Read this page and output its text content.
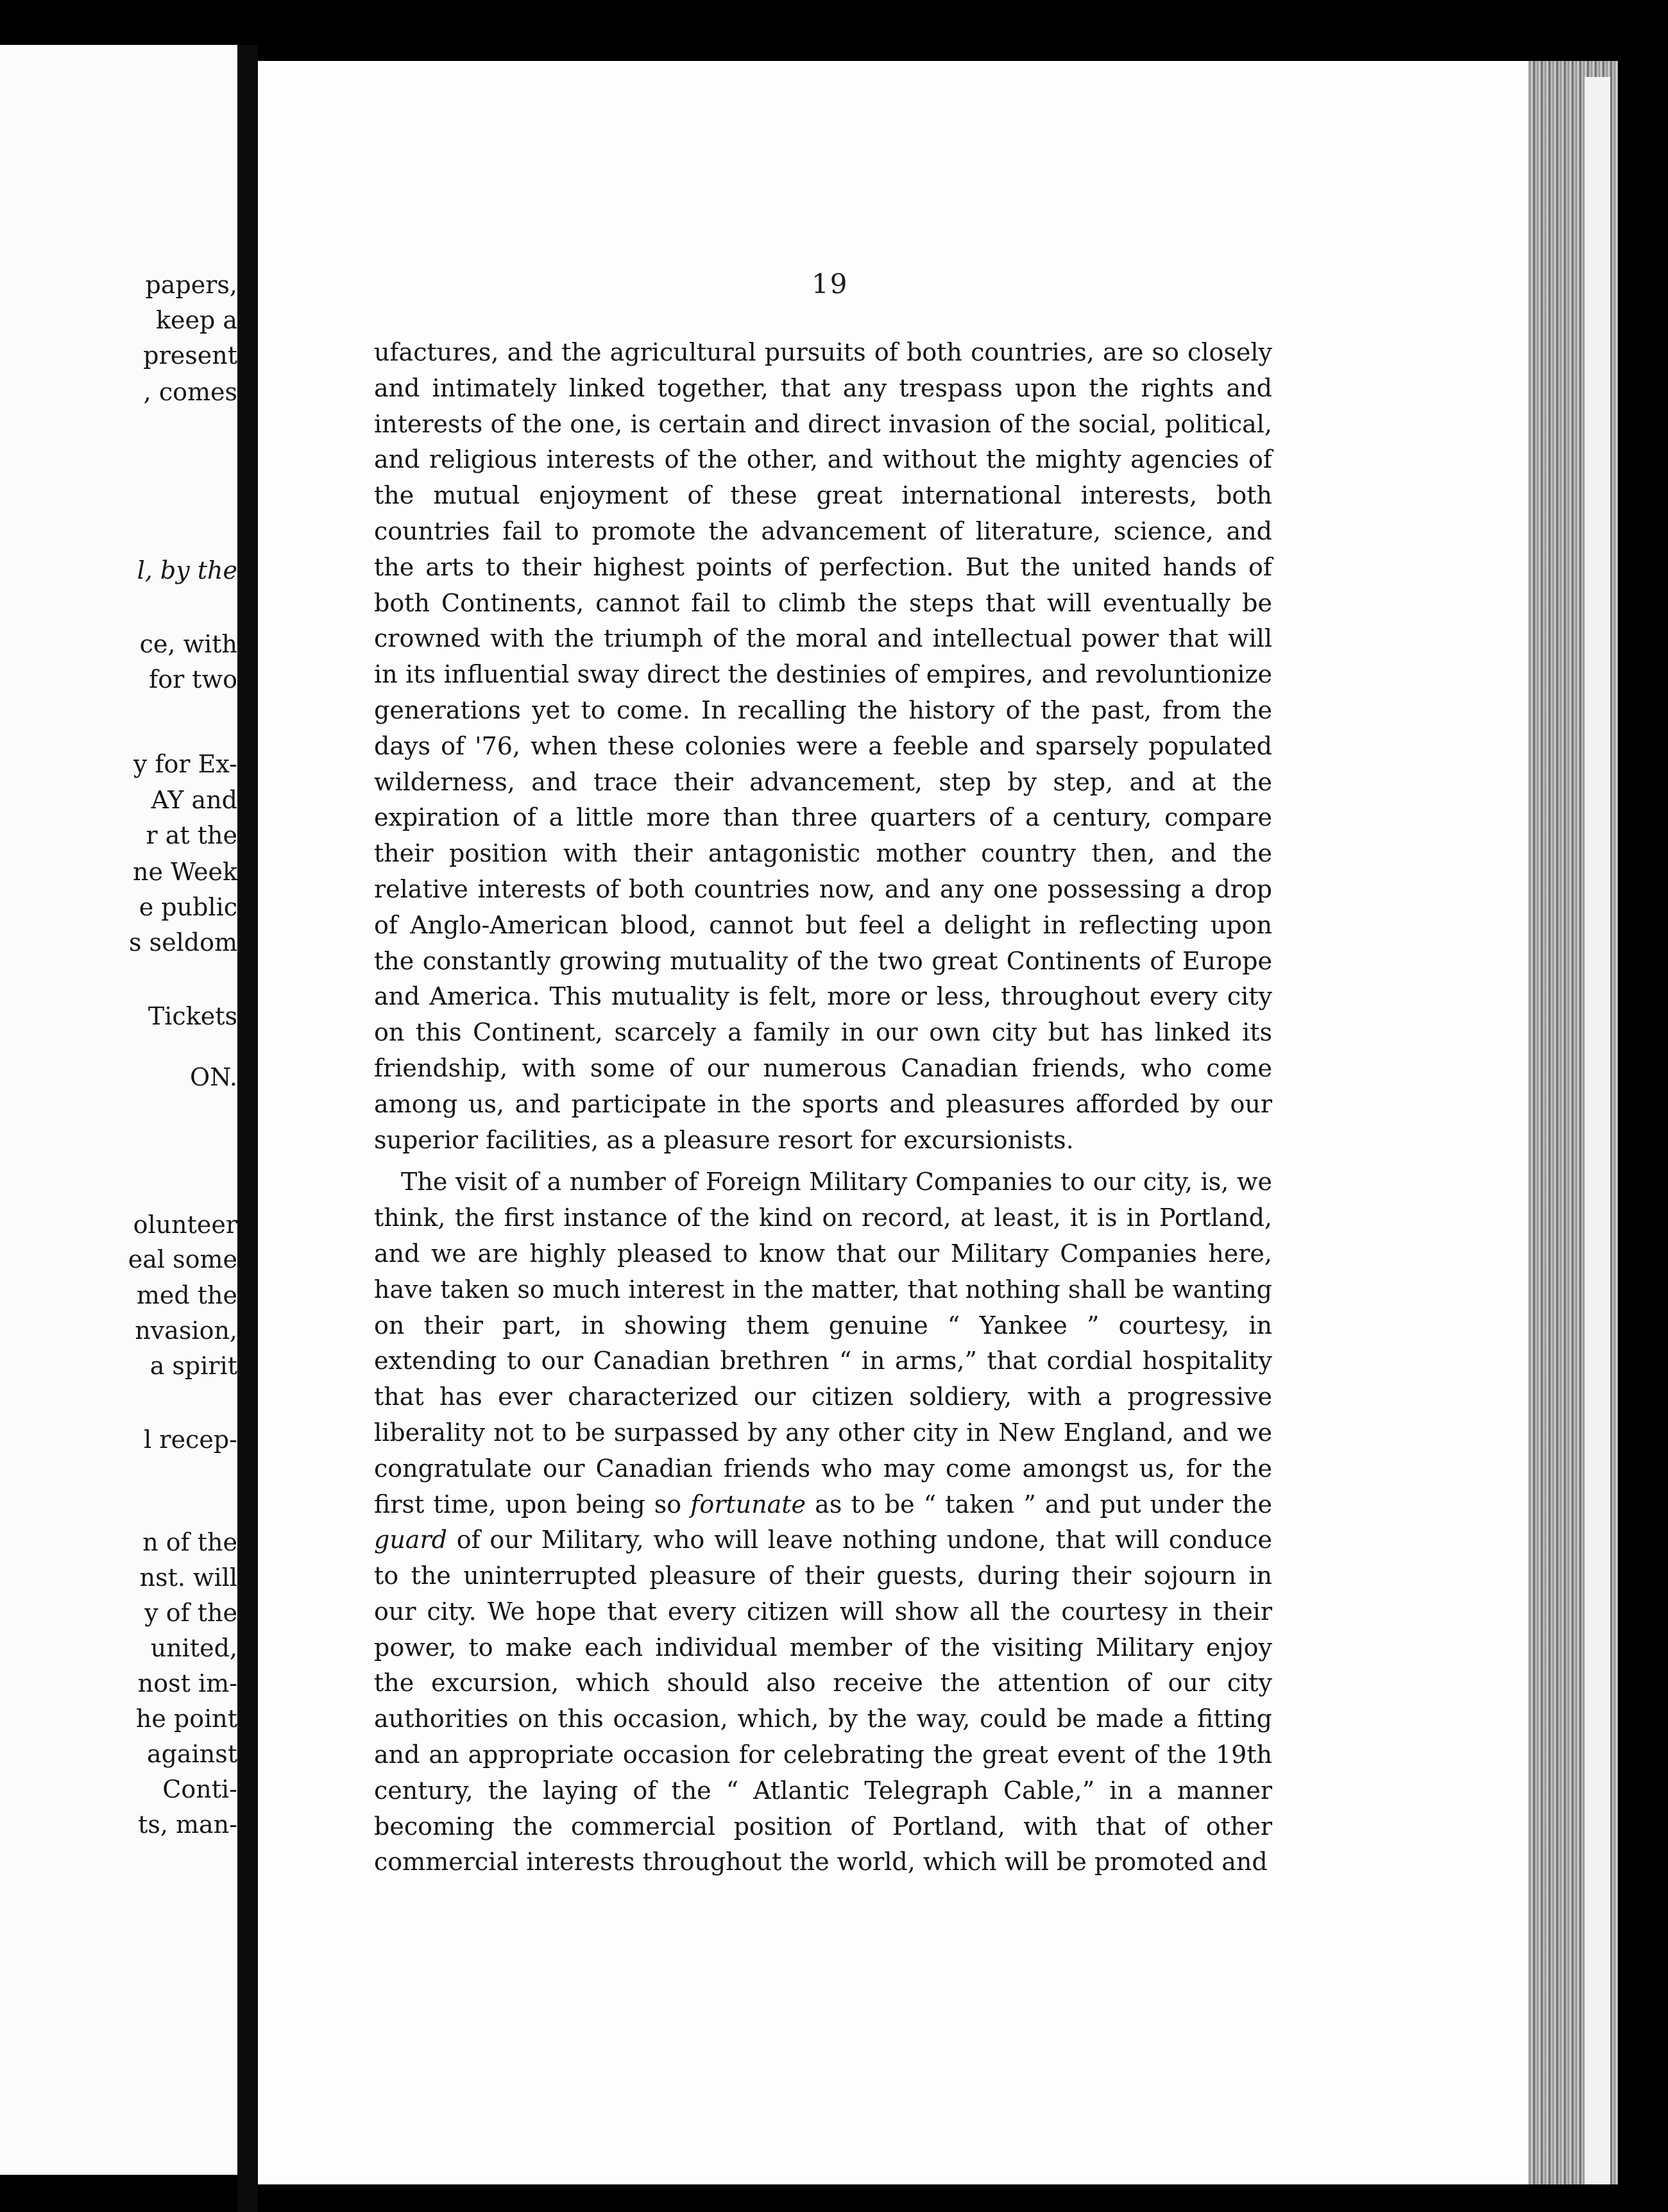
papers,
keep a
present
, comes
l, by the
ce, with
for two
y for Ex-
AY and
r at the
ne Week
e public
s seldom
Tickets
ON.
olunteer
eal some
med the
nvasion,
a spirit
l recep-
n of the
nst. will
y of the
united,
nost im-
he point
against
Conti-
ts, man-
19

ufactures, and the agricultural pursuits of both countries, are so closely and intimately linked together, that any trespass upon the rights and interests of the one, is certain and direct invasion of the social, political, and religious interests of the other, and without the mighty agencies of the mutual enjoyment of these great international interests, both countries fail to promote the advancement of literature, science, and the arts to their highest points of perfection. But the united hands of both Continents, cannot fail to climb the steps that will eventually be crowned with the triumph of the moral and intellectual power that will in its influential sway direct the destinies of empires, and revoluntionize generations yet to come. In recalling the history of the past, from the days of '76, when these colonies were a feeble and sparsely populated wilderness, and trace their advancement, step by step, and at the expiration of a little more than three quarters of a century, compare their position with their antagonistic mother country then, and the relative interests of both countries now, and any one possessing a drop of Anglo-American blood, cannot but feel a delight in reflecting upon the constantly growing mutuality of the two great Continents of Europe and America. This mutuality is felt, more or less, throughout every city on this Continent, scarcely a family in our own city but has linked its friendship, with some of our numerous Canadian friends, who come among us, and participate in the sports and pleasures afforded by our superior facilities, as a pleasure resort for excursionists.

The visit of a number of Foreign Military Companies to our city, is, we think, the first instance of the kind on record, at least, it is in Portland, and we are highly pleased to know that our Military Companies here, have taken so much interest in the matter, that nothing shall be wanting on their part, in showing them genuine “ Yankee ” courtesy, in extending to our Canadian brethren “ in arms,” that cordial hospitality that has ever characterized our citizen soldiery, with a progressive liberality not to be surpassed by any other city in New England, and we congratulate our Canadian friends who may come amongst us, for the first time, upon being so fortunate as to be “ taken ” and put under the guard of our Military, who will leave nothing undone, that will conduce to the uninterrupted pleasure of their guests, during their sojourn in our city. We hope that every citizen will show all the courtesy in their power, to make each individual member of the visiting Military enjoy the excursion, which should also receive the attention of our city authorities on this occasion, which, by the way, could be made a fitting and an appropriate occasion for celebrating the great event of the 19th century, the laying of the “ Atlantic Telegraph Cable,” in a manner becoming the commercial position of Portland, with that of other commercial interests throughout the world, which will be promoted and
